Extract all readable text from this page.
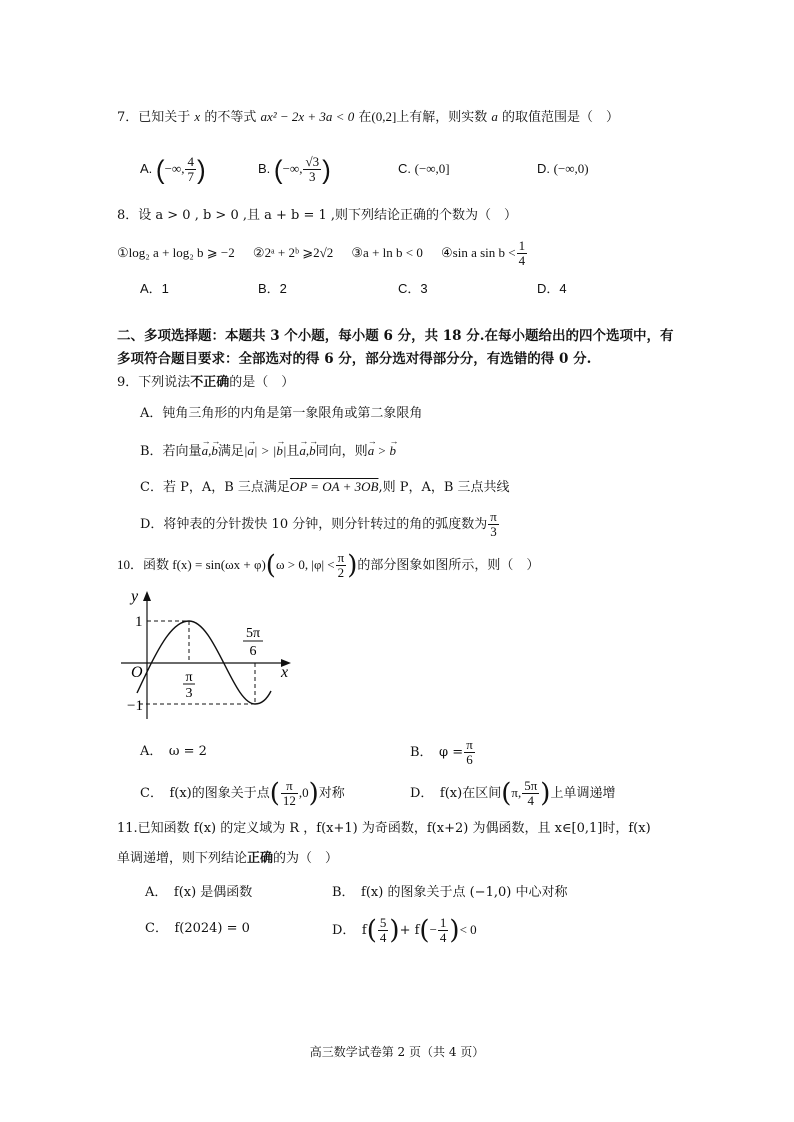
7．已知关于 x 的不等式 ax² − 2x + 3a < 0 在(0,2]上有解，则实数 a 的取值范围是（　）
A. (−∞, $\frac{4}{7}$ )	B. (−∞, $\frac{√3}{3}$ )	C. (−∞,0]	D. (−∞,0)
8．设 a > 0 , b > 0 ,且 a + b = 1 ,则下列结论正确的个数为（　）
①log₂ a + log₂ b ⩾ −2 ②2ᵃ + 2ᵇ ⩾2√2 ③a + ln b < 0 ④sin a $\sin b < \frac{1}{4}$
A．1	B．2	C．3	D．4
二、多项选择题：本题共 3 个小题，每小题 6 分，共 18 分.在每小题给出的四个选项中，有
多项符合题目要求：全部选对的得 6 分，部分选对得部分分，有选错的得 0 分.
9．下列说法不正确的是（　）
A．钝角三角形的内角是第一象限角或第二象限角
B．若向量→ a,→ b满足|→ a| > |→ b|且→ a,→ b同向，则→ a > → b
C．若 P，A，B 三点满足OP = OA + 3OB,则 P，A，B 三点共线
D．将钟表的分针拨快 10 分钟，则分针转过的角的弧度数为 $\frac{\pi}{3}$
10．函数 f(x) = sin(ωx + φ)(ω > 0, $|\varphi| < \frac{\pi}{2}$ )的部分图象如图所示，则（　）
y
x
O
1
−1
π
3
5π
6
A．　ω = 2	B．　$\varphi = \frac{\pi}{6}$
C．　f(x)的图象关于点( $\frac{\pi}{12} ,0$)对称	D．　f(x)在区间(π, $\frac{5\pi}{4}$ )上单调递增
11.已知函数 f(x) 的定义域为 R ，f(x+1) 为奇函数，f(x+2) 为偶函数，且 x∈[0,1]时，f(x)
单调递增，则下列结论正确的为（　）
A．　f(x) 是偶函数	B．　f(x) 的图象关于点 (−1,0) 中心对称
C．　f(2024) = 0	D．　$f( \frac{5}{4}$ )+ $f(- \frac{1}{4}$ )< 0
高三数学试卷第 2 页（共 4 页）
